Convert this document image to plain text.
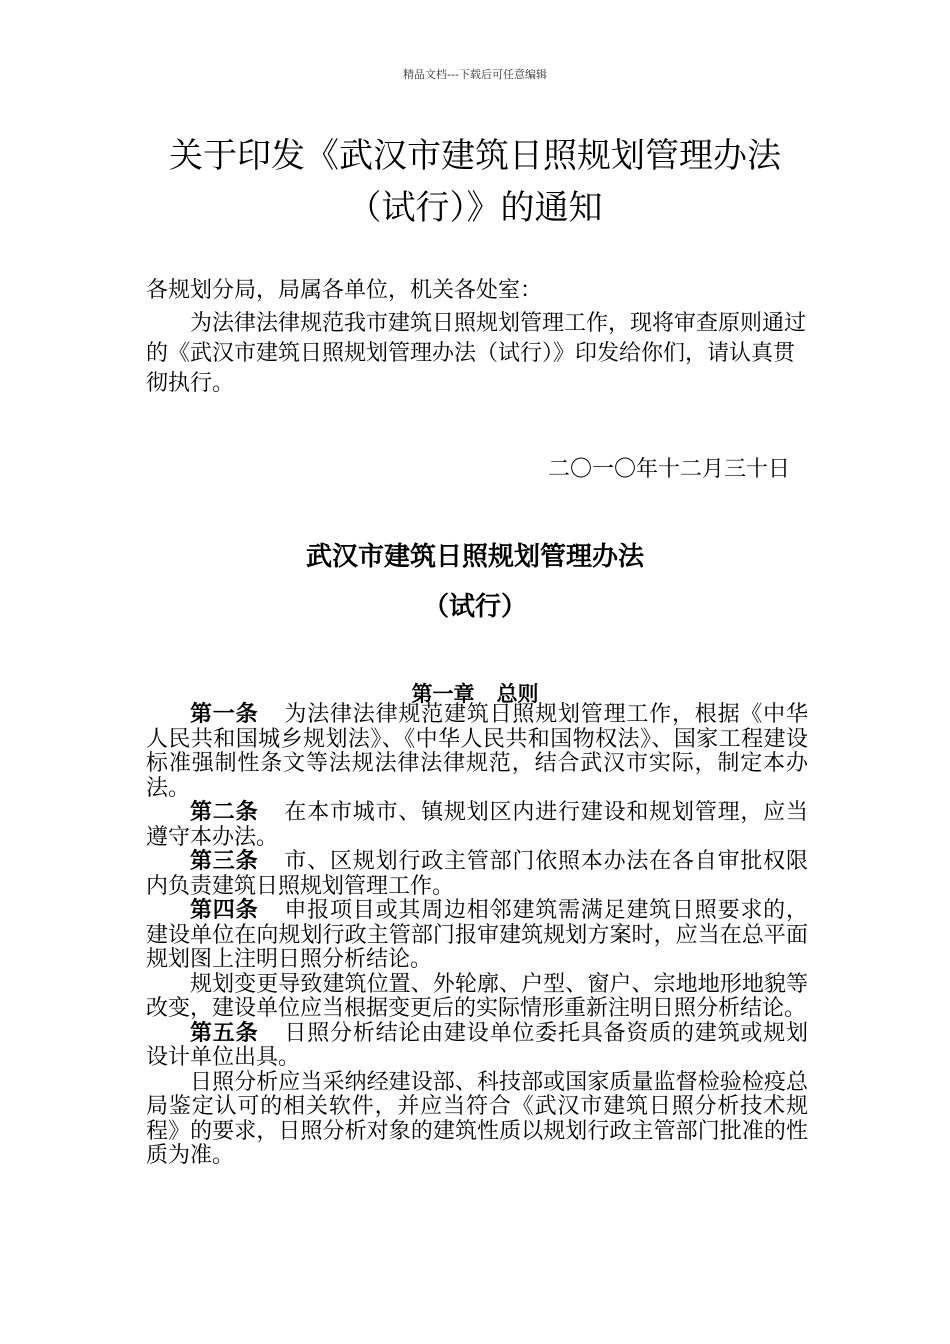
精品文档---下载后可任意编辑
关于印发《武汉市建筑日照规划管理办法（试行）》的通知
各规划分局，局属各单位，机关各处室：
为法律法律规范我市建筑日照规划管理工作，现将审查原则通过的《武汉市建筑日照规划管理办法（试行）》印发给你们，请认真贯彻执行。
二〇一〇年十二月三十日
武汉市建筑日照规划管理办法
（试行）
第一章 总则

第一条 为法律法律规范建筑日照规划管理工作，根据《中华人民共和国城乡规划法》、《中华人民共和国物权法》、国家工程建设标准强制性条文等法规法律法律规范，结合武汉市实际，制定本办法。

第二条 在本市城市、镇规划区内进行建设和规划管理，应当遵守本办法。

第三条 市、区规划行政主管部门依照本办法在各自审批权限内负责建筑日照规划管理工作。

第四条 申报项目或其周边相邻建筑需满足建筑日照要求的，建设单位在向规划行政主管部门报审建筑规划方案时，应当在总平面规划图上注明日照分析结论。

规划变更导致建筑位置、外轮廓、户型、窗户、宗地地形地貌等改变，建设单位应当根据变更后的实际情形重新注明日照分析结论。

第五条 日照分析结论由建设单位委托具备资质的建筑或规划设计单位出具。

日照分析应当采纳经建设部、科技部或国家质量监督检验检疫总局鉴定认可的相关软件，并应当符合《武汉市建筑日照分析技术规程》的要求，日照分析对象的建筑性质以规划行政主管部门批准的性质为准。
